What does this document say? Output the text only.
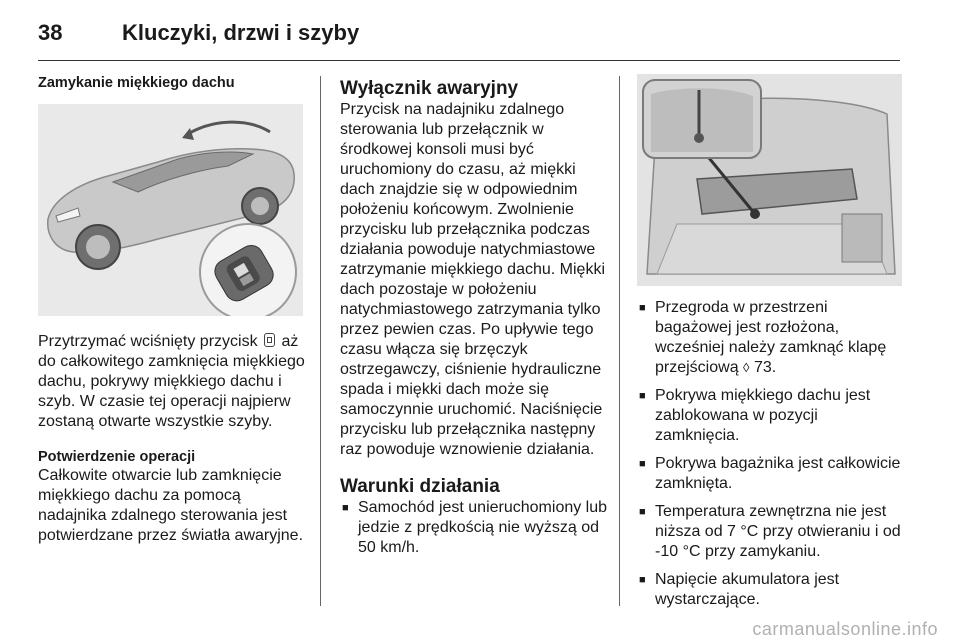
38	Kluczyki, drzwi i szyby
Zamykanie miękkiego dachu

Przytrzymać wciśnięty przycisk aż do całkowitego zamknięcia miękkiego dachu, pokrywy miękkiego dachu i szyb. W czasie tej operacji najpierw zostaną otwarte wszystkie szyby.

Potwierdzenie operacji

Całkowite otwarcie lub zamknięcie miękkiego dachu za pomocą nadajnika zdalnego sterowania jest potwierdzane przez światła awaryjne.

Wyłącznik awaryjny

Przycisk na nadajniku zdalnego sterowania lub przełącznik w środkowej konsoli musi być uruchomiony do czasu, aż miękki dach znajdzie się w odpowiednim położeniu końcowym. Zwolnienie przycisku lub przełącznika podczas działania powoduje natychmiastowe zatrzymanie miękkiego dachu. Miękki dach pozostaje w położeniu natychmiastowego zatrzymania tylko przez pewien czas. Po upływie tego czasu włącza się brzęczyk ostrzegawczy, ciśnienie hydrauliczne spada i miękki dach może się samoczynnie uruchomić. Naciśnięcie przycisku lub przełącznika następny raz powoduje wznowienie działania.

Warunki działania
■ Samochód jest unieruchomiony lub jedzie z prędkością nie wyższą od 50 km/h.
■ Przegroda w przestrzeni bagażowej jest rozłożona, wcześniej należy zamknąć klapę przejściową ◊ 73.
■ Pokrywa miękkiego dachu jest zablokowana w pozycji zamknięcia.
■ Pokrywa bagażnika jest całkowicie zamknięta.
■ Temperatura zewnętrzna nie jest niższa od 7 °C przy otwieraniu i od -10 °C przy zamykaniu.
■ Napięcie akumulatora jest wystarczające.
carmanualsonline.info
